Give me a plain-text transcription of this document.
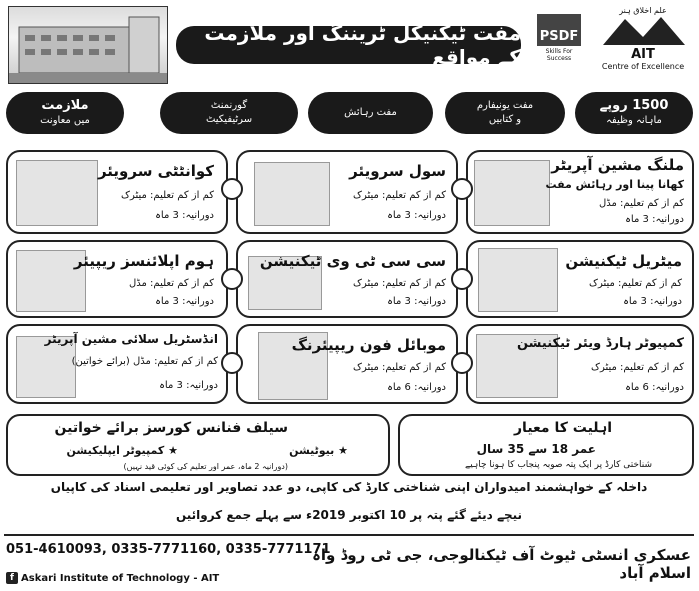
مفت ٹیکنیکل ٹریننگ اور ملازمت کے مواقع
PSDF
Skills For Success
علم اخلاق ہنر
AIT
Centre of Excellence
1500 روپے
ماہانہ وظیفہ
مفت یونیفارم
و کتابیں
مفت رہائش
گورنمنٹ
سرٹیفیکیٹ
ملازمت
میں معاونت
ملنگ مشین آپریٹر
کھانا پینا اور رہائش مفت
کم از کم تعلیم: مڈل
دورانیہ: 3 ماہ
سول سرویئر
کم از کم تعلیم: میٹرک
دورانیہ: 3 ماہ
کوانٹٹی سرویئر
کم از کم تعلیم: میٹرک
دورانیہ: 3 ماہ
میٹریل ٹیکنیشن
کم از کم تعلیم: میٹرک
دورانیہ: 3 ماہ
سی سی ٹی وی ٹیکنیشن
کم از کم تعلیم: میٹرک
دورانیہ: 3 ماہ
ہوم اپلائنسز ریپیئر
کم از کم تعلیم: مڈل
دورانیہ: 3 ماہ
کمپیوٹر ہارڈ ویئر ٹیکنیشن
کم از کم تعلیم: میٹرک
دورانیہ: 6 ماہ
موبائل فون ریپیئرنگ
کم از کم تعلیم: میٹرک
دورانیہ: 6 ماہ
انڈسٹریل سلائی مشین آپریٹر
کم از کم تعلیم: مڈل (برائے خواتین)
دورانیہ: 3 ماہ
اہلیت کا معیار
عمر 18 سے 35 سال
شناختی کارڈ پر ایک پتہ صوبہ پنجاب کا ہونا چاہیے
سیلف فنانس کورسز برائے خواتین
★ بیوٹیشن
★ کمپیوٹر ایپلیکیشن
(دورانیہ 2 ماہ، عمر اور تعلیم کی کوئی قید نہیں)
داخلہ کے خواہشمند امیدواران اپنی شناختی کارڈ کی کاپی، دو عدد تصاویر اور تعلیمی اسناد کی کاپیاں
نیچے دیئے گئے پتہ پر 10 اکتوبر 2019ء سے پہلے جمع کروائیں
051-4610093, 0335-7771160, 0335-7771171
f Askari Institute of Technology - AIT
عسکری انسٹی ٹیوٹ آف ٹیکنالوجی، جی ٹی روڈ واہ اسلام آباد
